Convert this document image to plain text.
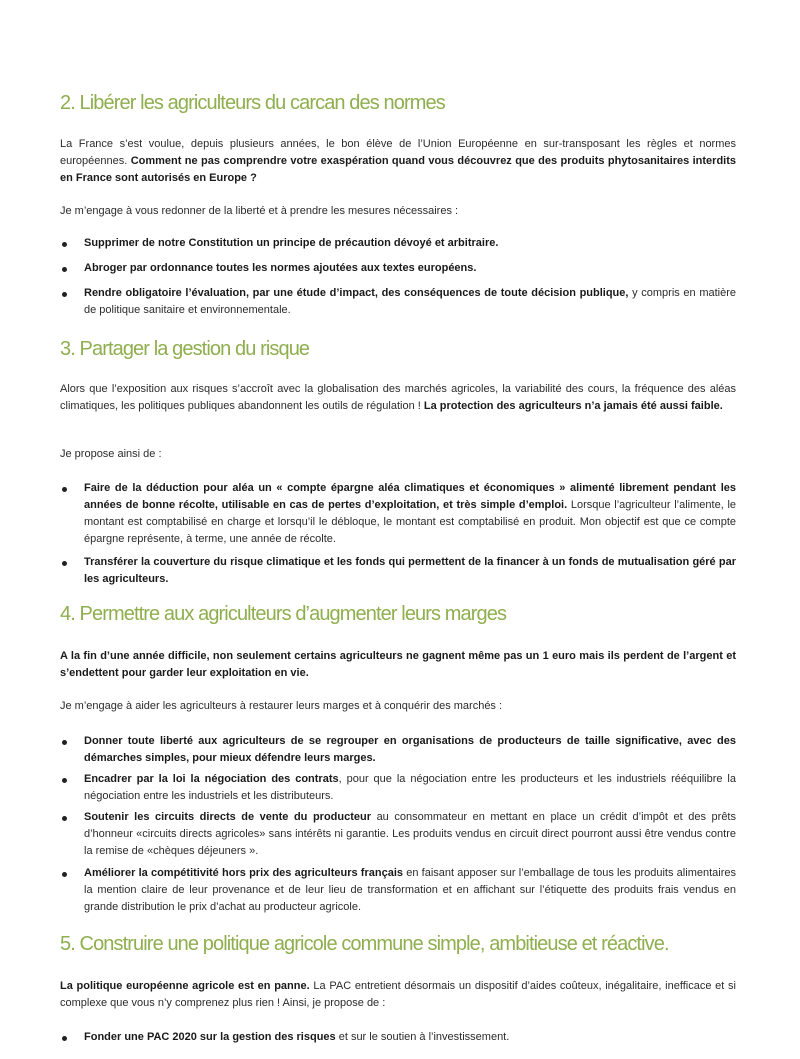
2. Libérer les agriculteurs du carcan des normes

La France s’est voulue, depuis plusieurs années, le bon élève de l’Union Européenne en sur-transposant les règles et normes européennes. Comment ne pas comprendre votre exaspération quand vous découvrez que des produits phytosanitaires interdits en France sont autorisés en Europe ?

Je m’engage à vous redonner de la liberté et à prendre les mesures nécessaires :

Supprimer de notre Constitution un principe de précaution dévoyé et arbitraire.

Abroger par ordonnance toutes les normes ajoutées aux textes européens.

Rendre obligatoire l’évaluation, par une étude d’impact, des conséquences de toute décision publique, y compris en matière de politique sanitaire et environnementale.

3. Partager la gestion du risque

Alors que l’exposition aux risques s’accroît avec la globalisation des marchés agricoles, la variabilité des cours, la fréquence des aléas climatiques, les politiques publiques abandonnent les outils de régulation ! La protection des agriculteurs n’a jamais été aussi faible.

Je propose ainsi de :

Faire de la déduction pour aléa un « compte épargne aléa climatiques et économiques » alimenté librement pendant les années de bonne récolte, utilisable en cas de pertes d’exploitation, et très simple d’emploi. Lorsque l’agriculteur l’alimente, le montant est comptabilisé en charge et lorsqu’il le débloque, le montant est comptabilisé en produit. Mon objectif est que ce compte épargne représente, à terme, une année de récolte.

Transférer la couverture du risque climatique et les fonds qui permettent de la financer à un fonds de mutualisation géré par les agriculteurs.

4. Permettre aux agriculteurs d’augmenter leurs marges

A la fin d’une année difficile, non seulement certains agriculteurs ne gagnent même pas un 1 euro mais ils perdent de l’argent et s’endettent pour garder leur exploitation en vie.

Je m’engage à aider les agriculteurs à restaurer leurs marges et à conquérir des marchés :

Donner toute liberté aux agriculteurs de se regrouper en organisations de producteurs de taille significative, avec des démarches simples, pour mieux défendre leurs marges.

Encadrer par la loi la négociation des contrats, pour que la négociation entre les producteurs et les industriels rééquilibre la négociation entre les industriels et les distributeurs.

Soutenir les circuits directs de vente du producteur au consommateur en mettant en place un crédit d’impôt et des prêts d’honneur «circuits directs agricoles» sans intérêts ni garantie. Les produits vendus en circuit direct pourront aussi être vendus contre la remise de «chèques déjeuners ».

Améliorer la compétitivité hors prix des agriculteurs français en faisant apposer sur l’emballage de tous les produits alimentaires la mention claire de leur provenance et de leur lieu de transformation et en affichant sur l’étiquette des produits frais vendus en grande distribution le prix d’achat au producteur agricole.

5. Construire une politique agricole commune simple, ambitieuse et réactive.

La politique européenne agricole est en panne. La PAC entretient désormais un dispositif d’aides coûteux, inégalitaire, inefficace et si complexe que vous n’y comprenez plus rien ! Ainsi, je propose de :

Fonder une PAC 2020 sur la gestion des risques et sur le soutien à l’investissement.
